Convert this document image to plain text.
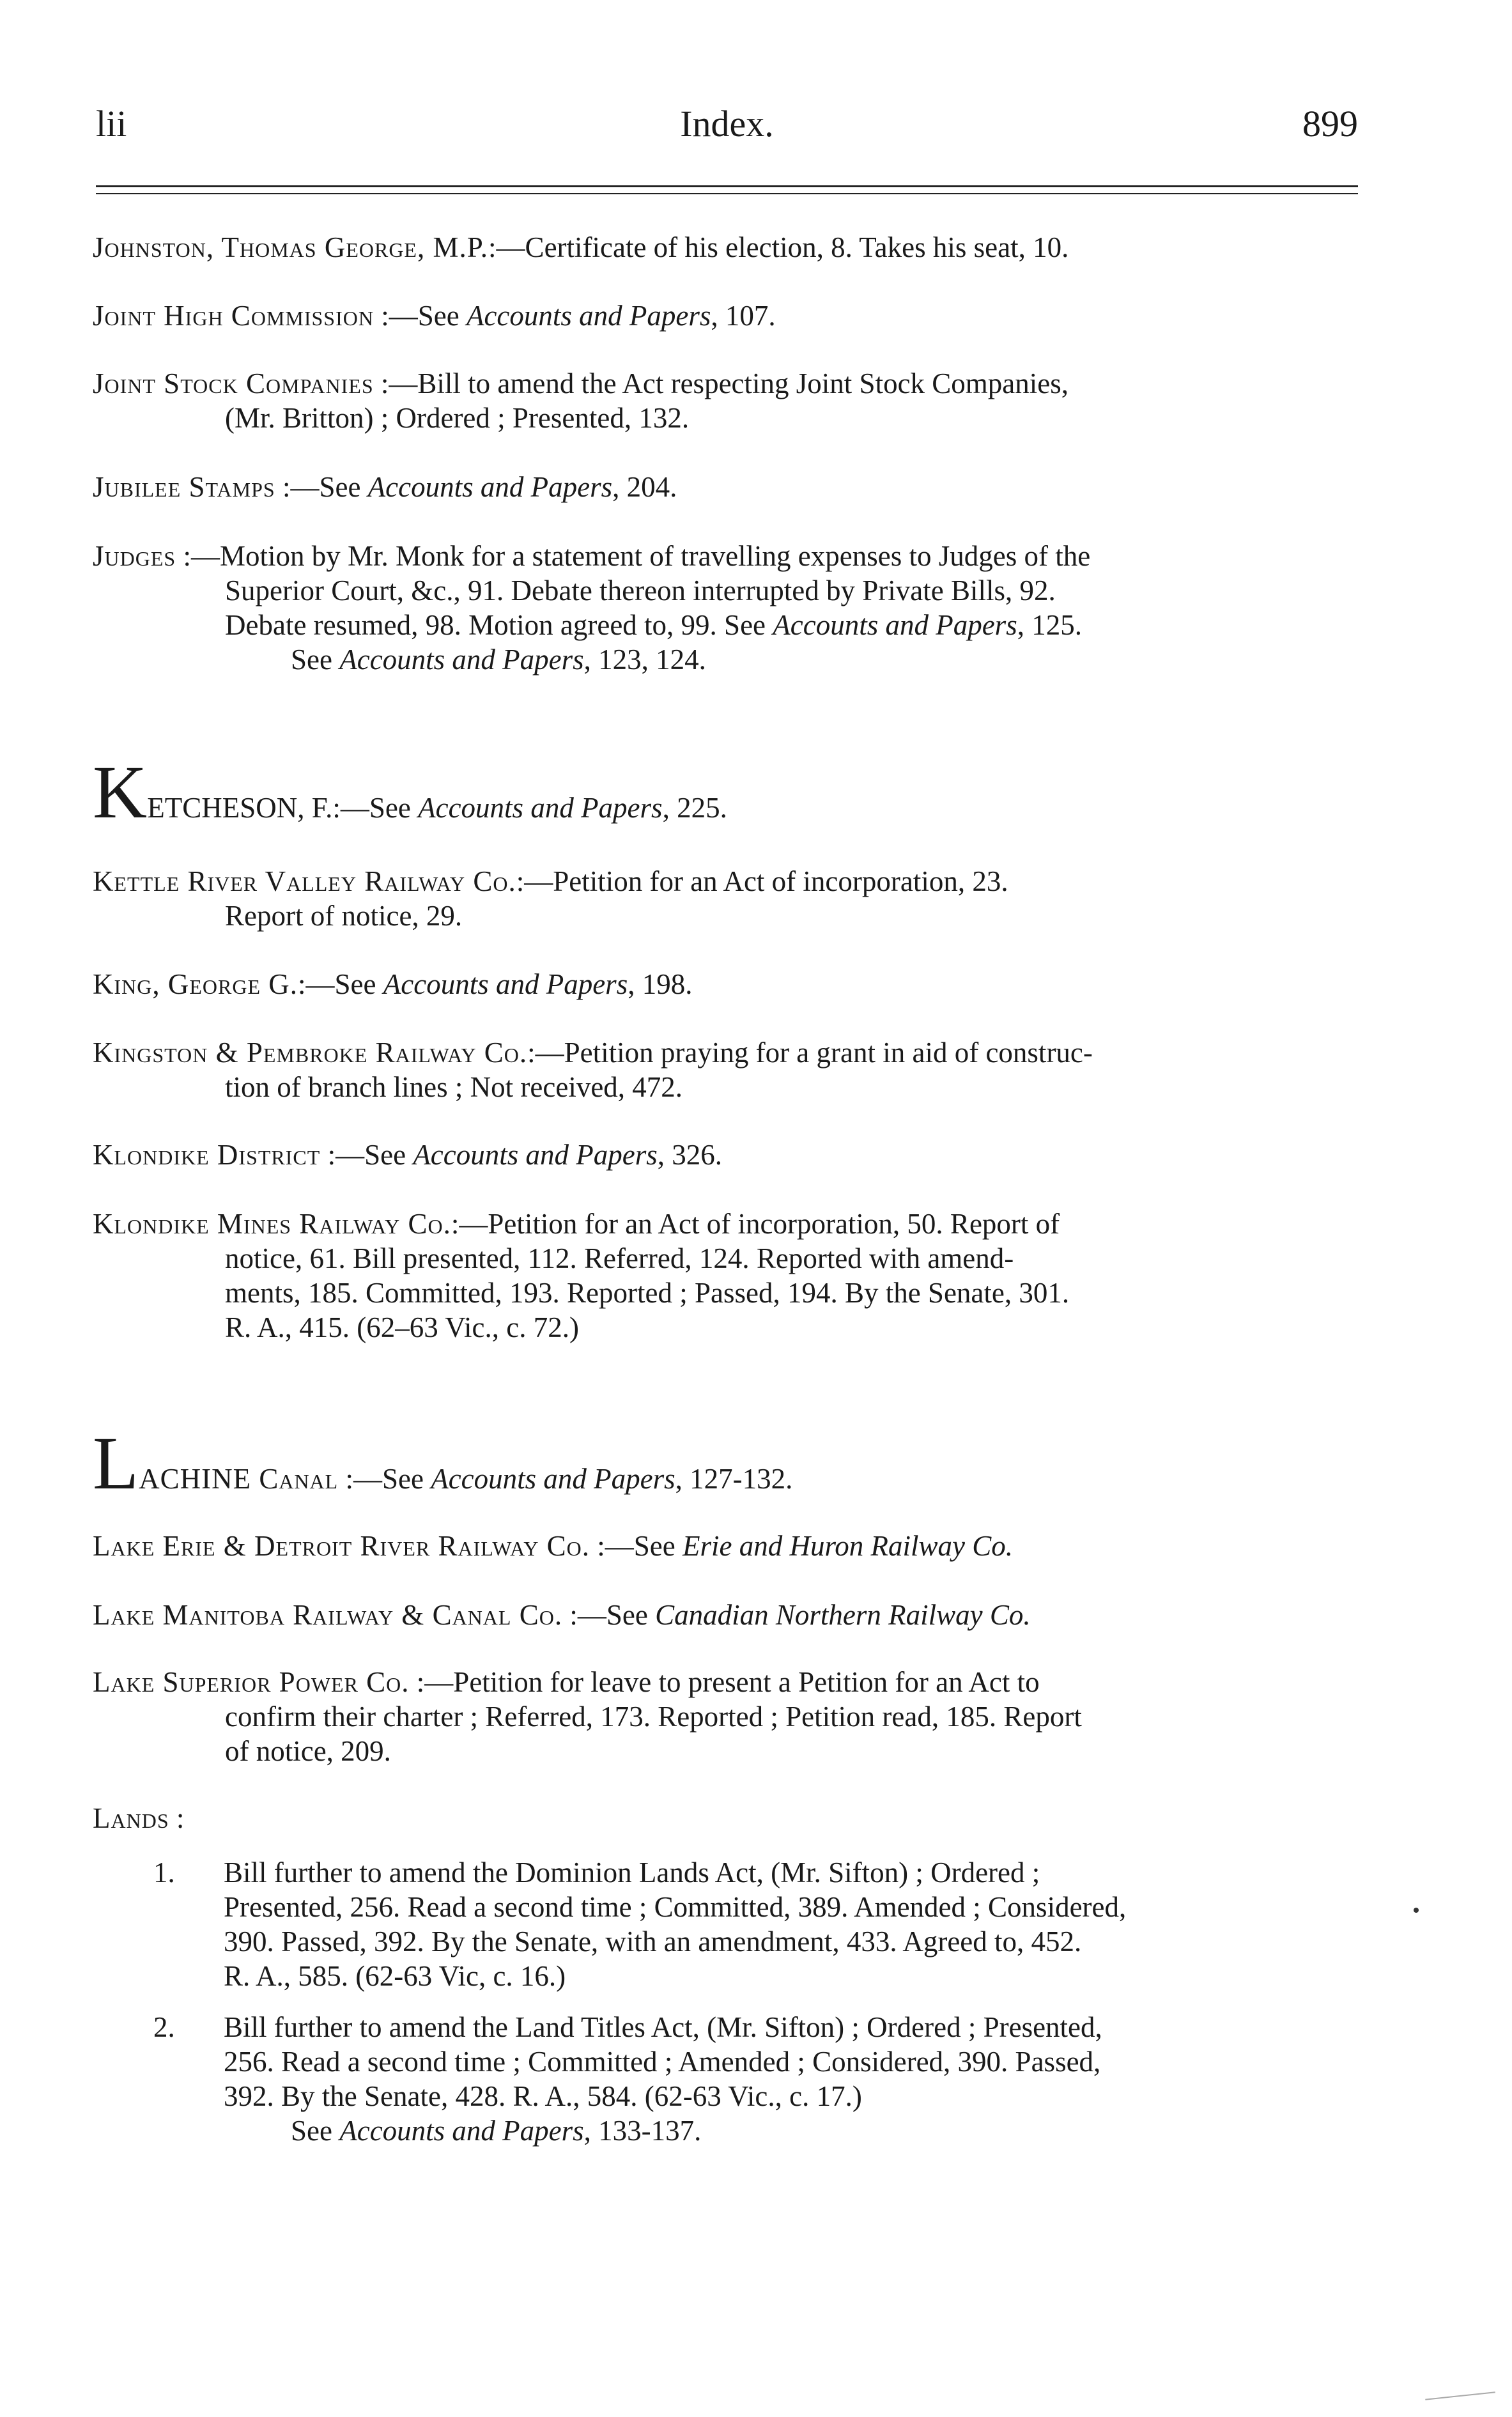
lii	Index.	899
Johnston, Thomas George, M.P.:—Certificate of his election, 8. Takes his seat, 10.
Joint High Commission :—See Accounts and Papers, 107.
Joint Stock Companies :—Bill to amend the Act respecting Joint Stock Companies,
(Mr. Britton) ; Ordered ; Presented, 132.
Jubilee Stamps :—See Accounts and Papers, 204.
Judges :—Motion by Mr. Monk for a statement of travelling expenses to Judges of the
Superior Court, &c., 91. Debate thereon interrupted by Private Bills, 92.
Debate resumed, 98. Motion agreed to, 99. See Accounts and Papers, 125.
See Accounts and Papers, 123, 124.
KETCHESON, F.:—See Accounts and Papers, 225.
Kettle River Valley Railway Co.:—Petition for an Act of incorporation, 23.
Report of notice, 29.
King, George G.:—See Accounts and Papers, 198.
Kingston & Pembroke Railway Co.:—Petition praying for a grant in aid of construc-
tion of branch lines ; Not received, 472.
Klondike District :—See Accounts and Papers, 326.
Klondike Mines Railway Co.:—Petition for an Act of incorporation, 50. Report of
notice, 61. Bill presented, 112. Referred, 124. Reported with amend-
ments, 185. Committed, 193. Reported ; Passed, 194. By the Senate, 301.
R. A., 415. (62–63 Vic., c. 72.)
LACHINE Canal :—See Accounts and Papers, 127-132.
Lake Erie & Detroit River Railway Co. :—See Erie and Huron Railway Co.
Lake Manitoba Railway & Canal Co. :—See Canadian Northern Railway Co.
Lake Superior Power Co. :—Petition for leave to present a Petition for an Act to
confirm their charter ; Referred, 173. Reported ; Petition read, 185. Report
of notice, 209.
Lands :
1.	Bill further to amend the Dominion Lands Act, (Mr. Sifton) ; Ordered ;
Presented, 256. Read a second time ; Committed, 389. Amended ; Considered,
390. Passed, 392. By the Senate, with an amendment, 433. Agreed to, 452.
R. A., 585. (62-63 Vic, c. 16.)
2.	Bill further to amend the Land Titles Act, (Mr. Sifton) ; Ordered ; Presented,
256. Read a second time ; Committed ; Amended ; Considered, 390. Passed,
392. By the Senate, 428. R. A., 584. (62-63 Vic., c. 17.)
See Accounts and Papers, 133-137.
